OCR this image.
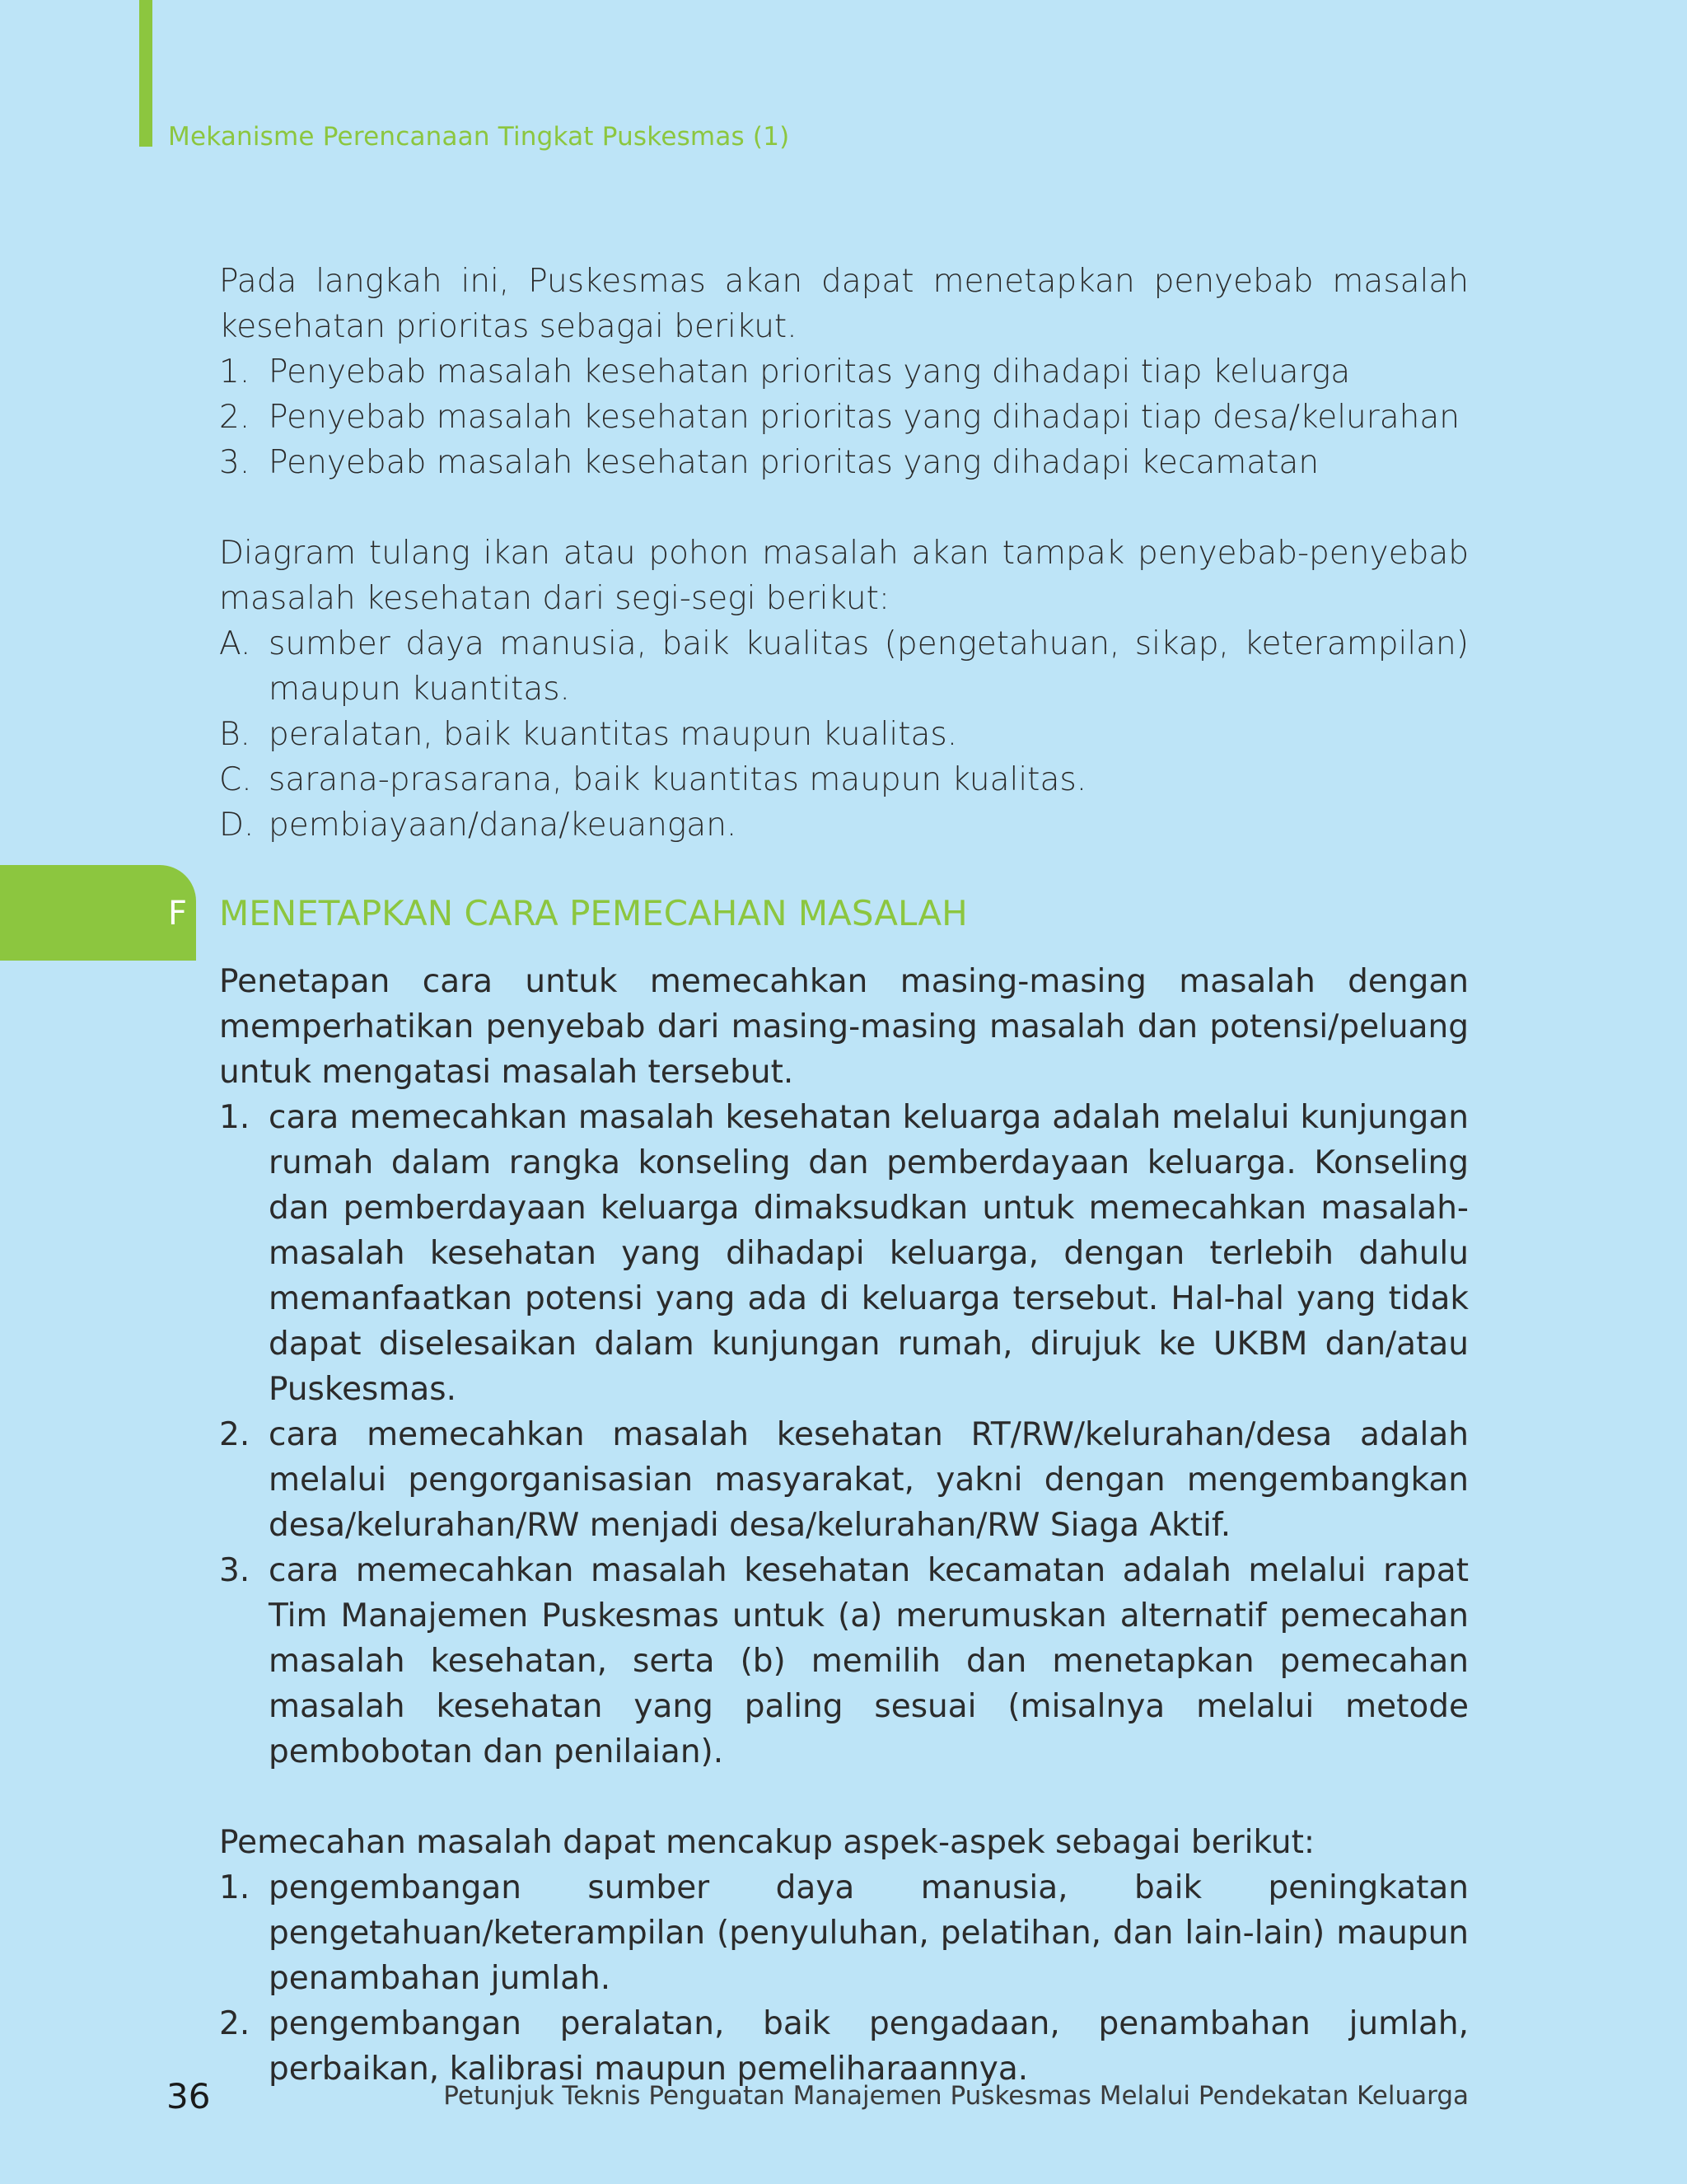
Mekanisme Perencanaan Tingkat Puskesmas (1)

Pada langkah ini, Puskesmas akan dapat menetapkan penyebab masalah kesehatan prioritas sebagai berikut.

1. Penyebab masalah kesehatan prioritas yang dihadapi tiap keluarga
2. Penyebab masalah kesehatan prioritas yang dihadapi tiap desa/kelurahan
3. Penyebab masalah kesehatan prioritas yang dihadapi kecamatan

Diagram tulang ikan atau pohon masalah akan tampak penyebab-penyebab masalah kesehatan dari segi-segi berikut:

A. sumber daya manusia, baik kualitas (pengetahuan, sikap, keterampilan) maupun kuantitas.
B. peralatan, baik kuantitas maupun kualitas.
C. sarana-prasarana, baik kuantitas maupun kualitas.
D. pembiayaan/dana/keuangan.
F MENETAPKAN CARA PEMECAHAN MASALAH

Penetapan cara untuk memecahkan masing-masing masalah dengan memperhatikan penyebab dari masing-masing masalah dan potensi/peluang untuk mengatasi masalah tersebut.

1. cara memecahkan masalah kesehatan keluarga adalah melalui kunjungan rumah dalam rangka konseling dan pemberdayaan keluarga. Konseling dan pemberdayaan keluarga dimaksudkan untuk memecahkan masalah-masalah kesehatan yang dihadapi keluarga, dengan terlebih dahulu memanfaatkan potensi yang ada di keluarga tersebut. Hal-hal yang tidak dapat diselesaikan dalam kunjungan rumah, dirujuk ke UKBM dan/atau Puskesmas.
2. cara memecahkan masalah kesehatan RT/RW/kelurahan/desa adalah melalui pengorganisasian masyarakat, yakni dengan mengembangkan desa/kelurahan/RW menjadi desa/kelurahan/RW Siaga Aktif.
3. cara memecahkan masalah kesehatan kecamatan adalah melalui rapat Tim Manajemen Puskesmas untuk (a) merumuskan alternatif pemecahan masalah kesehatan, serta (b) memilih dan menetapkan pemecahan masalah kesehatan yang paling sesuai (misalnya melalui metode pembobotan dan penilaian).

Pemecahan masalah dapat mencakup aspek-aspek sebagai berikut:

1. pengembangan sumber daya manusia, baik peningkatan pengetahuan/keterampilan (penyuluhan, pelatihan, dan lain-lain) maupun penambahan jumlah.
2. pengembangan peralatan, baik pengadaan, penambahan jumlah, perbaikan, kalibrasi maupun pemeliharaannya.
36	Petunjuk Teknis Penguatan Manajemen Puskesmas Melalui Pendekatan Keluarga
